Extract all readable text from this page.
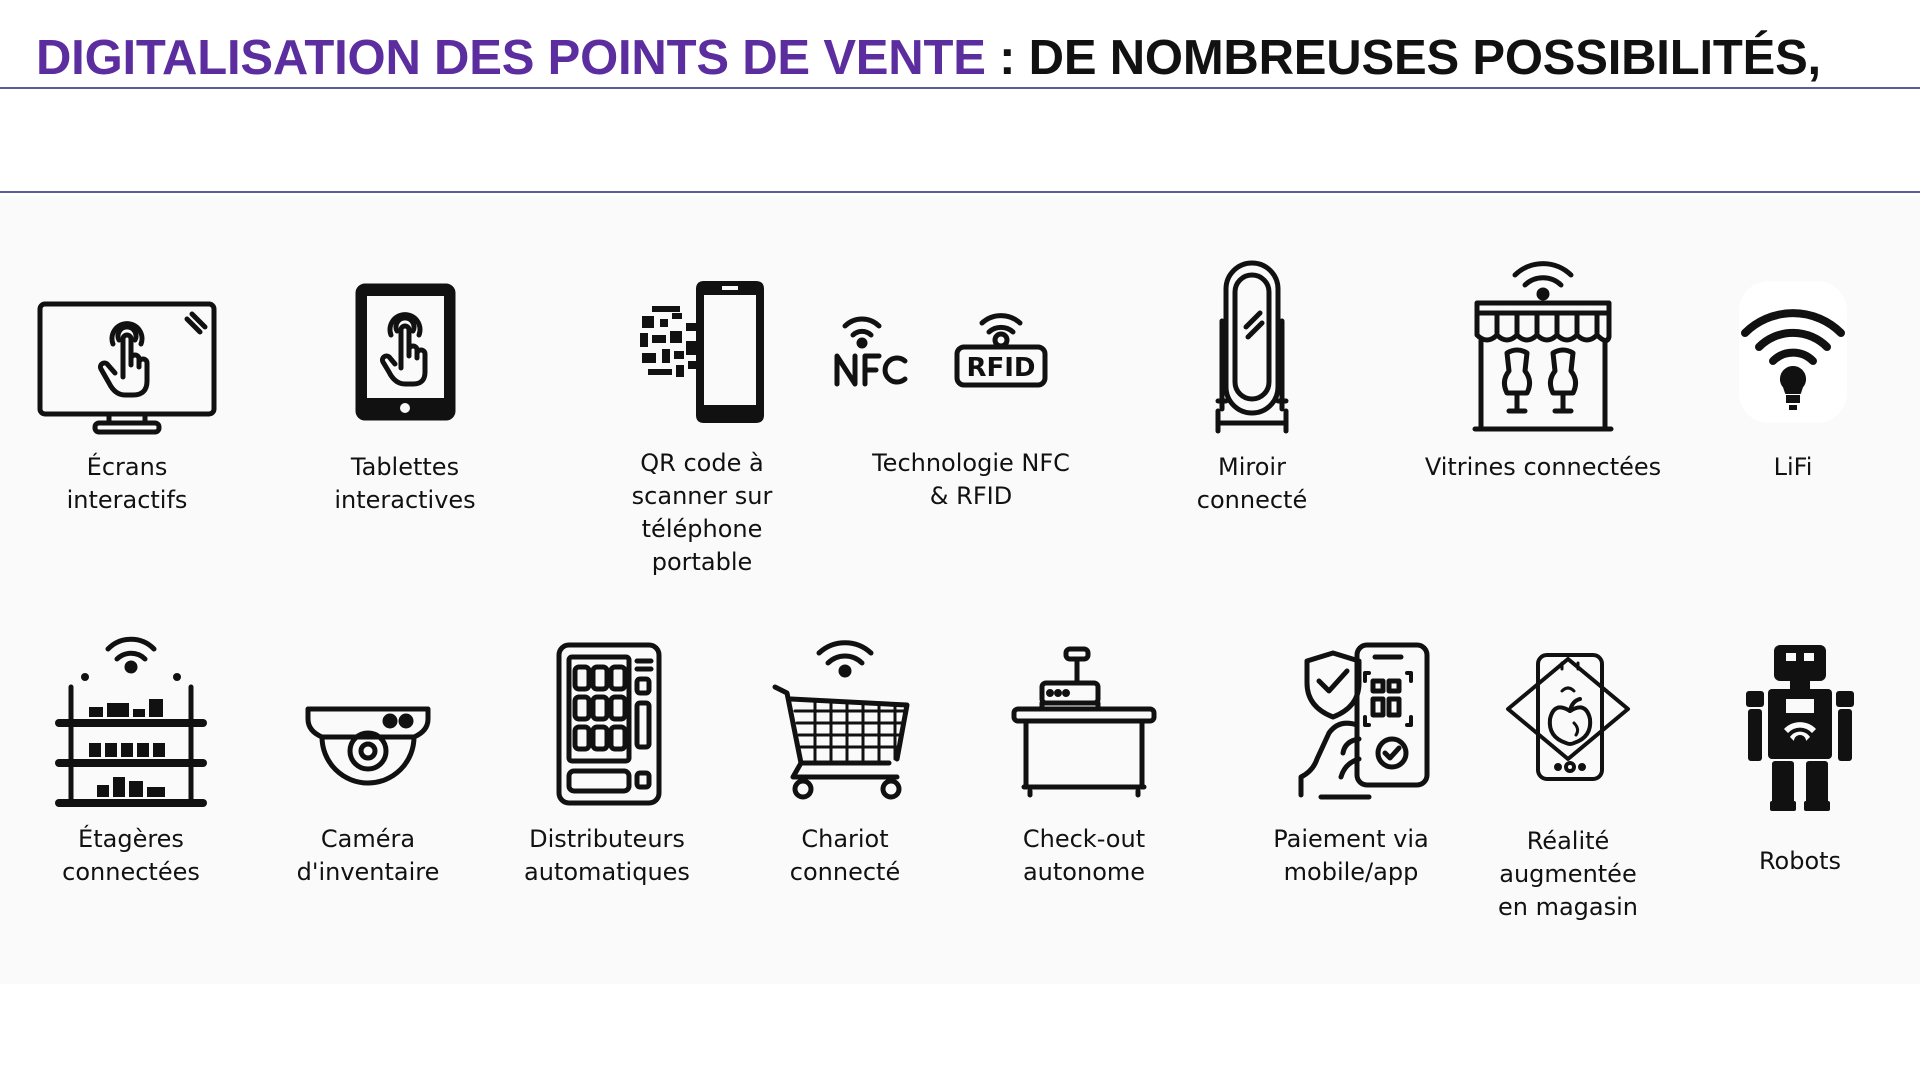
DIGITALISATION DES POINTS DE VENTE : DE NOMBREUSES POSSIBILITÉS,
Écrans
interactifs
Tablettes
interactives
QR code à
scanner sur
téléphone
portable
RFID
Technologie NFC
& RFID
Miroir
connecté
Vitrines connectées	LiFi
Étagères
connectées
Caméra
d'inventaire
Distributeurs
automatiques
Chariot
connecté
Check-out
autonome
Paiement via
mobile/app
Réalité
augmentée
en magasin
Robots
